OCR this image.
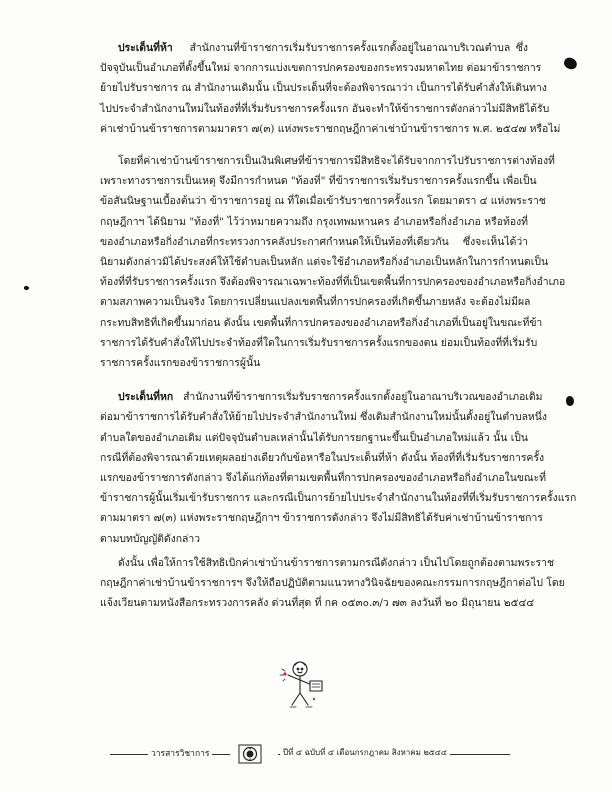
ประเด็นที่ห้า สำนักงานที่ข้าราชการเริ่มรับราชการครั้งแรกตั้งอยู่ในอาณาบริเวณตำบล ซึ่ง
ปัจจุบันเป็นอำเภอที่ตั้งขึ้นใหม่ จากการแบ่งเขตการปกครองของกระทรวงมหาดไทย ต่อมาข้าราชการ
ย้ายไปรับราชการ ณ สำนักงานเดิมนั้น เป็นประเด็นที่จะต้องพิจารณาว่า เป็นการได้รับคำสั่งให้เดินทาง
ไปประจำสำนักงานใหม่ในท้องที่ที่เริ่มรับราชการครั้งแรก อันจะทำให้ข้าราชการดังกล่าวไม่มีสิทธิได้รับ
ค่าเช่าบ้านข้าราชการตามมาตรา ๗(๓) แห่งพระราชกฤษฎีกาค่าเช่าบ้านข้าราชการ พ.ศ. ๒๕๔๗ หรือไม่
โดยที่ค่าเช่าบ้านข้าราชการเป็นเงินพิเศษที่ข้าราชการมีสิทธิจะได้รับจากการไปรับราชการต่างท้องที่
เพราะทางราชการเป็นเหตุ จึงมีการกำหนด "ท้องที่" ที่ข้าราชการเริ่มรับราชการครั้งแรกขึ้น เพื่อเป็น
ข้อสันนิษฐานเบื้องต้นว่า ข้าราชการอยู่ ณ ที่ใดเมื่อเข้ารับราชการครั้งแรก โดยมาตรา ๔ แห่งพระราช
กฤษฎีกาฯ ได้นิยาม "ท้องที่" ไว้ว่าหมายความถึง กรุงเทพมหานคร อำเภอหรือกิ่งอำเภอ หรือท้องที่
ของอำเภอหรือกิ่งอำเภอที่กระทรวงการคลังประกาศกำหนดให้เป็นท้องที่เดียวกัน ซึ่งจะเห็นได้ว่า
นิยามดังกล่าวมิได้ประสงค์ให้ใช้ตำบลเป็นหลัก แต่จะใช้อำเภอหรือกิ่งอำเภอเป็นหลักในการกำหนดเป็น
ท้องที่ที่รับราชการครั้งแรก จึงต้องพิจารณาเฉพาะท้องที่ที่เป็นเขตพื้นที่การปกครองของอำเภอหรือกิ่งอำเภอ
ตามสภาพความเป็นจริง โดยการเปลี่ยนแปลงเขตพื้นที่การปกครองที่เกิดขึ้นภายหลัง จะต้องไม่มีผล
กระทบสิทธิที่เกิดขึ้นมาก่อน ดังนั้น เขตพื้นที่การปกครองของอำเภอหรือกิ่งอำเภอที่เป็นอยู่ในขณะที่ข้า
ราชการได้รับคำสั่งให้ไปประจำท้องที่ใดในการเริ่มรับราชการครั้งแรกของตน ย่อมเป็นท้องที่ที่เริ่มรับ
ราชการครั้งแรกของข้าราชการผู้นั้น
ประเด็นที่หก สำนักงานที่ข้าราชการเริ่มรับราชการครั้งแรกตั้งอยู่ในอาณาบริเวณของอำเภอเดิม
ต่อมาข้าราชการได้รับคำสั่งให้ย้ายไปประจำสำนักงานใหม่ ซึ่งเดิมสำนักงานใหม่นั้นตั้งอยู่ในตำบลหนึ่ง
ตำบลใดของอำเภอเดิม แต่ปัจจุบันตำบลเหล่านั้นได้รับการยกฐานะขึ้นเป็นอำเภอใหม่แล้ว นั้น เป็น
กรณีที่ต้องพิจารณาด้วยเหตุผลอย่างเดียวกับข้อหารือในประเด็นที่ห้า ดังนั้น ท้องที่ที่เริ่มรับราชการครั้ง
แรกของข้าราชการดังกล่าว จึงได้แก่ท้องที่ตามเขตพื้นที่การปกครองของอำเภอหรือกิ่งอำเภอในขณะที่
ข้าราชการผู้นั้นเริ่มเข้ารับราชการ และกรณีเป็นการย้ายไปประจำสำนักงานในท้องที่ที่เริ่มรับราชการครั้งแรก
ตามมาตรา ๗(๓) แห่งพระราชกฤษฎีกาฯ ข้าราชการดังกล่าว จึงไม่มีสิทธิได้รับค่าเช่าบ้านข้าราชการ
ตามบทบัญญัติดังกล่าว
ดังนั้น เพื่อให้การใช้สิทธิเบิกค่าเช่าบ้านข้าราชการตามกรณีดังกล่าว เป็นไปโดยถูกต้องตามพระราช
กฤษฎีกาค่าเช่าบ้านข้าราชการฯ จึงให้ถือปฏิบัติตามแนวทางวินิจฉัยของคณะกรรมการกฤษฎีกาต่อไป โดย
แจ้งเวียนตามหนังสือกระทรวงการคลัง ด่วนที่สุด ที่ กค ๐๕๓๐.๓/ว ๗๓ ลงวันที่ ๒๐ มิถุนายน ๒๕๔๔
วารสารวิชาการ	ปีที่ ๔ ฉบับที่ ๔ เดือนกรกฎาคม สิงหาคม ๒๕๔๔
